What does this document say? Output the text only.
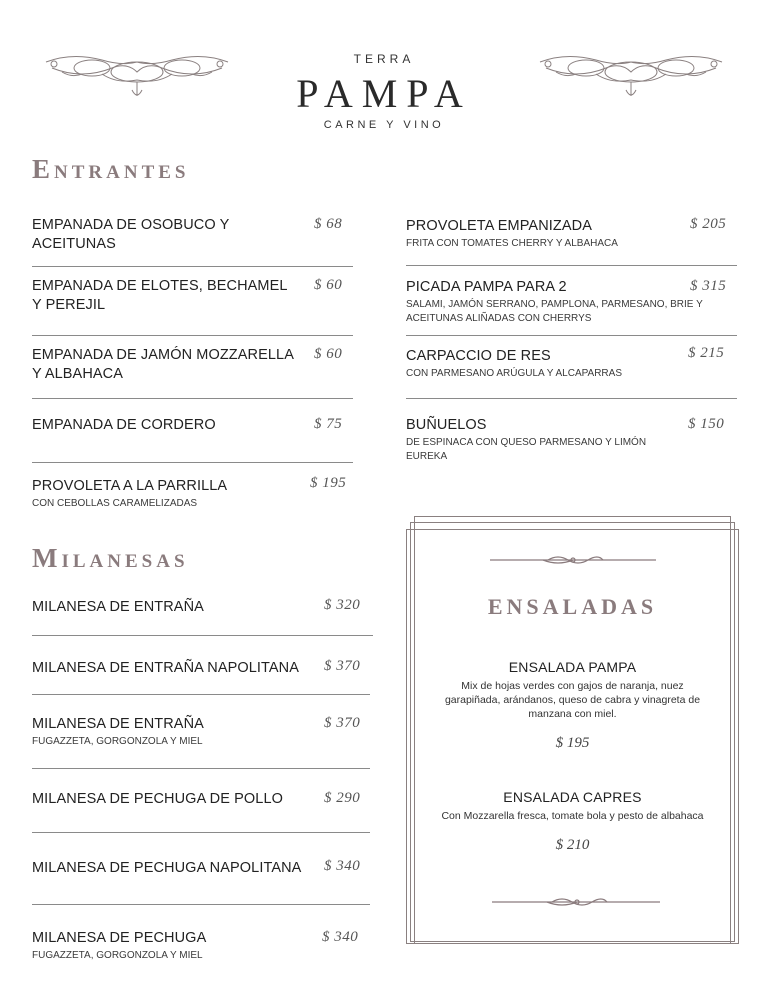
TERRA
PAMPA
CARNE Y VINO
Entrantes
EMPANADA DE OSOBUCO Y ACEITUNAS
$ 68
EMPANADA DE ELOTES, BECHAMEL Y PEREJIL
$ 60
EMPANADA DE JAMÓN MOZZARELLA Y ALBAHACA
$ 60
EMPANADA DE CORDERO	$ 75
PROVOLETA A LA PARRILLA
CON CEBOLLAS CARAMELIZADAS
$ 195
PROVOLETA EMPANIZADA
FRITA CON TOMATES CHERRY Y ALBAHACA
$ 205
PICADA PAMPA PARA 2
SALAMI, JAMÓN SERRANO, PAMPLONA, PARMESANO, BRIE Y ACEITUNAS ALIÑADAS CON CHERRYS
$ 315
CARPACCIO DE RES
CON PARMESANO ARÚGULA Y ALCAPARRAS
$ 215
BUÑUELOS
DE ESPINACA CON QUESO PARMESANO Y LIMÓN EUREKA
$ 150
Milanesas
MILANESA DE ENTRAÑA	$ 320
MILANESA DE ENTRAÑA NAPOLITANA	$ 370
MILANESA DE ENTRAÑA
FUGAZZETA, GORGONZOLA Y MIEL
$ 370
MILANESA DE PECHUGA DE POLLO	$ 290
MILANESA DE PECHUGA NAPOLITANA	$ 340
MILANESA DE PECHUGA
FUGAZZETA, GORGONZOLA Y MIEL
$ 340
ENSALADAS
ENSALADA PAMPA
Mix de hojas verdes con gajos de naranja, nuez garapiñada, arándanos, queso de cabra y vinagreta de manzana con miel.
$ 195
ENSALADA CAPRES
Con Mozzarella fresca, tomate bola y pesto de albahaca
$ 210
